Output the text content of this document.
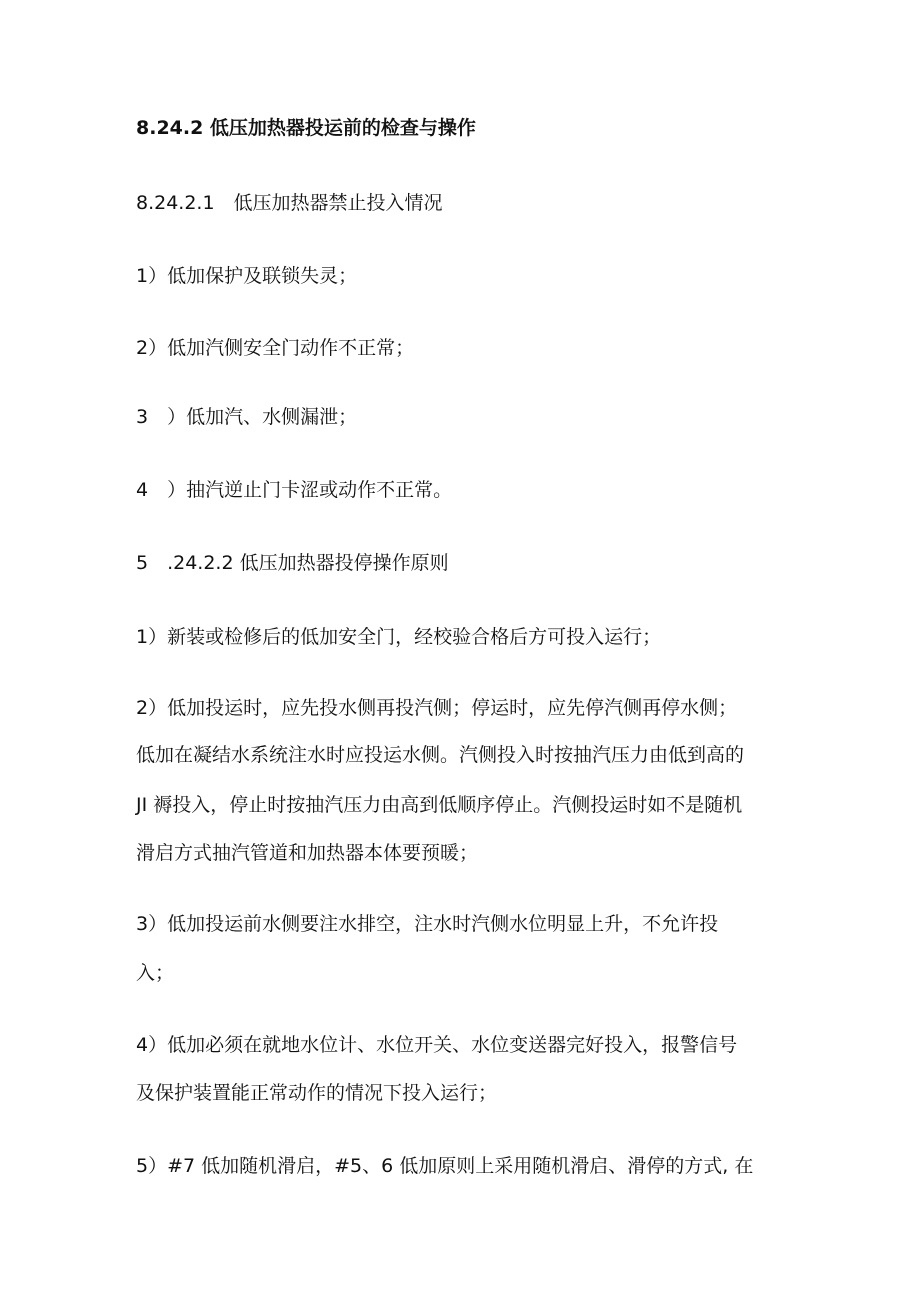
8.24.2 低压加热器投运前的检查与操作
8.24.2.1　低压加热器禁止投入情况
1）低加保护及联锁失灵；
2）低加汽侧安全门动作不正常；
3　）低加汽、水侧漏泄；
4　）抽汽逆止门卡涩或动作不正常。
5　.24.2.2 低压加热器投停操作原则
1）新装或检修后的低加安全门，经校验合格后方可投入运行；
2）低加投运时，应先投水侧再投汽侧；停运时，应先停汽侧再停水侧；
低加在凝结水系统注水时应投运水侧。汽侧投入时按抽汽压力由低到高的
JI 褥投入，停止时按抽汽压力由高到低顺序停止。汽侧投运时如不是随机
滑启方式抽汽管道和加热器本体要预暖；
3）低加投运前水侧要注水排空，注水时汽侧水位明显上升，不允许投
入；
4）低加必须在就地水位计、水位开关、水位变送器完好投入，报警信号
及保护装置能正常动作的情况下投入运行；
5）#7 低加随机滑启，#5、6 低加原则上采用随机滑启、滑停的方式, 在
